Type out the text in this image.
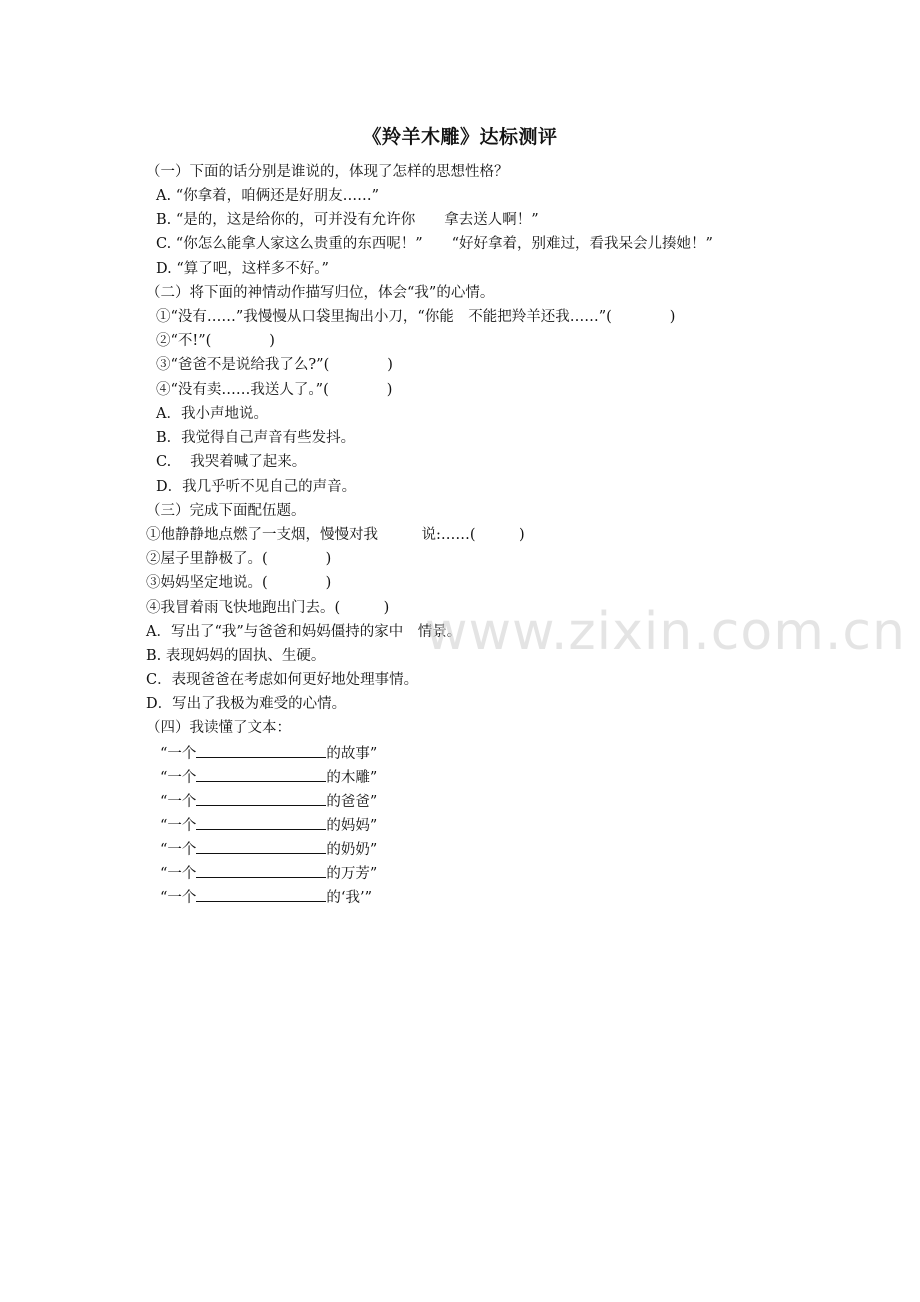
《羚羊木雕》达标测评
（一）下面的话分别是谁说的，体现了怎样的思想性格？
A. “你拿着，咱俩还是好朋友……”
B. “是的，这是给你的，可并没有允许你　　拿去送人啊！”
C. “你怎么能拿人家这么贵重的东西呢！”　　“好好拿着，别难过，看我呆会儿揍她！”
D. “算了吧，这样多不好。”
（二）将下面的神情动作描写归位，体会“我”的心情。
①“没有……”我慢慢从口袋里掏出小刀，“你能　不能把羚羊还我……”(　　　　)
②“不!”(　　　　)
③“爸爸不是说给我了么?”(　　　　)
④“没有卖……我送人了。”(　　　　)
A．我小声地说。
B．我觉得自己声音有些发抖。
C.　 我哭着喊了起来。
D．我几乎听不见自己的声音。
（三）完成下面配伍题。
①他静静地点燃了一支烟，慢慢对我　　　说:……(　　　)
②屋子里静极了。(　　　　)
③妈妈坚定地说。(　　　　)
④我冒着雨飞快地跑出门去。(　　　)
A．写出了“我”与爸爸和妈妈僵持的家中　情景。
B. 表现妈妈的固执、生硬。
C．表现爸爸在考虑如何更好地处理事情。
D．写出了我极为难受的心情。
（四）我读懂了文本：
“一个	的故事”
“一个	的木雕”
“一个	的爸爸”
“一个	的妈妈”
“一个	的奶奶”
“一个	的万芳”
“一个	的‘我’”
www.zixin.com.cn
